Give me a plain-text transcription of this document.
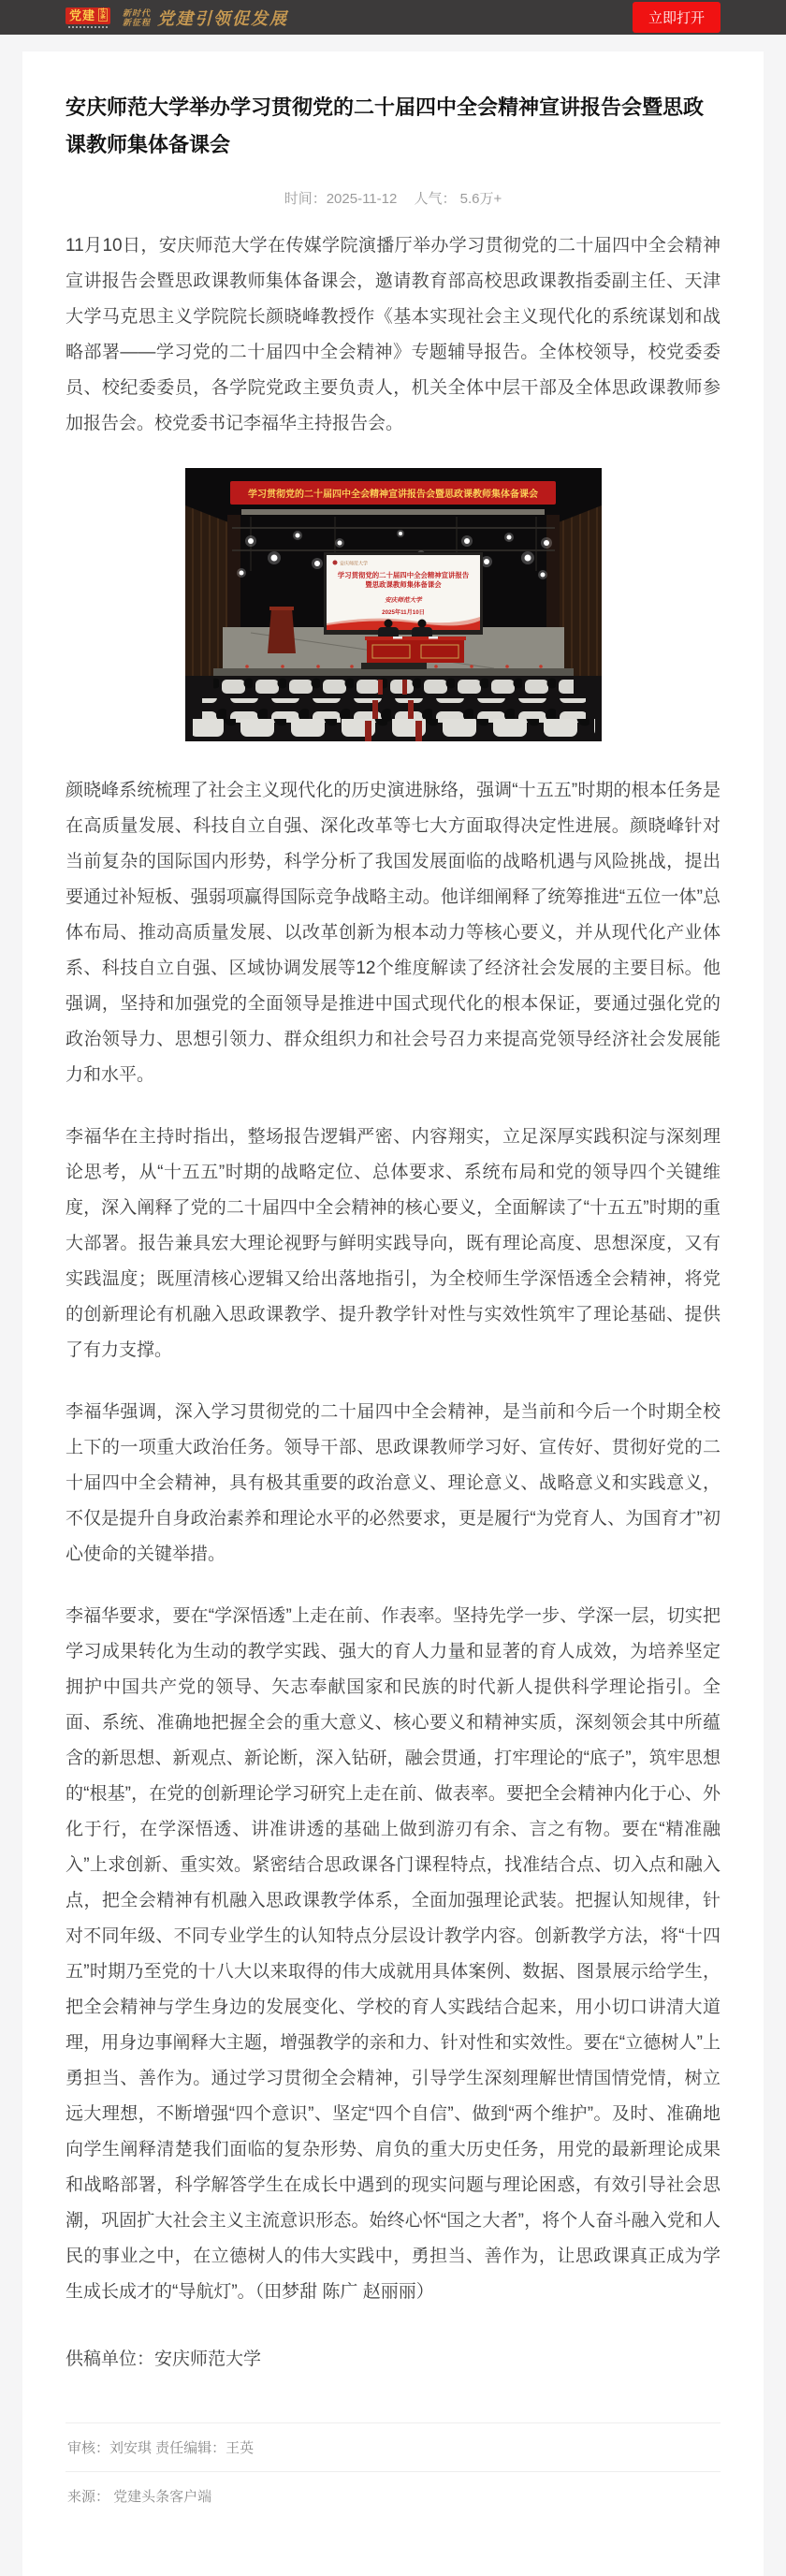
党建 头
条
新时代
新征程 党建引领促发展	立即打开
安庆师范大学举办学习贯彻党的二十届四中全会精神宣讲报告会暨思政课教师集体备课会
时间：2025-11-12 人气： 5.6万+

11月10日，安庆师范大学在传媒学院演播厅举办学习贯彻党的二十届四中全会精神宣讲报告会暨思政课教师集体备课会，邀请教育部高校思政课教指委副主任、天津大学马克思主义学院院长颜晓峰教授作《基本实现社会主义现代化的系统谋划和战略部署——学习党的二十届四中全会精神》专题辅导报告。全体校领导，校党委委员、校纪委委员，各学院党政主要负责人，机关全体中层干部及全体思政课教师参加报告会。校党委书记李福华主持报告会。

学习贯彻党的二十届四中全会精神宣讲报告会暨思政课教师集体备课会
安庆师范大学
学习贯彻党的二十届四中全会精神宣讲报告
暨思政课教师集体备课会
安庆师范大学
2025年11月10日

颜晓峰系统梳理了社会主义现代化的历史演进脉络，强调“十五五”时期的根本任务是在高质量发展、科技自立自强、深化改革等七大方面取得决定性进展。颜晓峰针对当前复杂的国际国内形势，科学分析了我国发展面临的战略机遇与风险挑战，提出要通过补短板、强弱项赢得国际竞争战略主动。他详细阐释了统筹推进“五位一体”总体布局、推动高质量发展、以改革创新为根本动力等核心要义，并从现代化产业体系、科技自立自强、区域协调发展等12个维度解读了经济社会发展的主要目标。他强调，坚持和加强党的全面领导是推进中国式现代化的根本保证，要通过强化党的政治领导力、思想引领力、群众组织力和社会号召力来提高党领导经济社会发展能力和水平。

李福华在主持时指出，整场报告逻辑严密、内容翔实，立足深厚实践积淀与深刻理论思考，从“十五五”时期的战略定位、总体要求、系统布局和党的领导四个关键维度，深入阐释了党的二十届四中全会精神的核心要义，全面解读了“十五五”时期的重大部署。报告兼具宏大理论视野与鲜明实践导向，既有理论高度、思想深度，又有实践温度；既厘清核心逻辑又给出落地指引，为全校师生学深悟透全会精神，将党的创新理论有机融入思政课教学、提升教学针对性与实效性筑牢了理论基础、提供了有力支撑。

李福华强调，深入学习贯彻党的二十届四中全会精神，是当前和今后一个时期全校上下的一项重大政治任务。领导干部、思政课教师学习好、宣传好、贯彻好党的二十届四中全会精神，具有极其重要的政治意义、理论意义、战略意义和实践意义，不仅是提升自身政治素养和理论水平的必然要求，更是履行“为党育人、为国育才”初心使命的关键举措。

李福华要求，要在“学深悟透”上走在前、作表率。坚持先学一步、学深一层，切实把学习成果转化为生动的教学实践、强大的育人力量和显著的育人成效，为培养坚定拥护中国共产党的领导、矢志奉献国家和民族的时代新人提供科学理论指引。全面、系统、准确地把握全会的重大意义、核心要义和精神实质，深刻领会其中所蕴含的新思想、新观点、新论断，深入钻研，融会贯通，打牢理论的“底子”，筑牢思想的“根基”，在党的创新理论学习研究上走在前、做表率。要把全会精神内化于心、外化于行，在学深悟透、讲准讲透的基础上做到游刃有余、言之有物。要在“精准融入”上求创新、重实效。紧密结合思政课各门课程特点，找准结合点、切入点和融入点，把全会精神有机融入思政课教学体系，全面加强理论武装。把握认知规律，针对不同年级、不同专业学生的认知特点分层设计教学内容。创新教学方法，将“十四五”时期乃至党的十八大以来取得的伟大成就用具体案例、数据、图景展示给学生，把全会精神与学生身边的发展变化、学校的育人实践结合起来，用小切口讲清大道理，用身边事阐释大主题，增强教学的亲和力、针对性和实效性。要在“立德树人”上勇担当、善作为。通过学习贯彻全会精神，引导学生深刻理解世情国情党情，树立远大理想，不断增强“四个意识”、坚定“四个自信”、做到“两个维护”。及时、准确地向学生阐释清楚我们面临的复杂形势、肩负的重大历史任务，用党的最新理论成果和战略部署，科学解答学生在成长中遇到的现实问题与理论困惑，有效引导社会思潮，巩固扩大社会主义主流意识形态。始终心怀“国之大者”，将个人奋斗融入党和人民的事业之中，在立德树人的伟大实践中，勇担当、善作为，让思政课真正成为学生成长成才的“导航灯”。（田梦甜 陈广 赵丽丽）

供稿单位：安庆师范大学

审核：刘安琪 责任编辑：王英
来源： 党建头条客户端
